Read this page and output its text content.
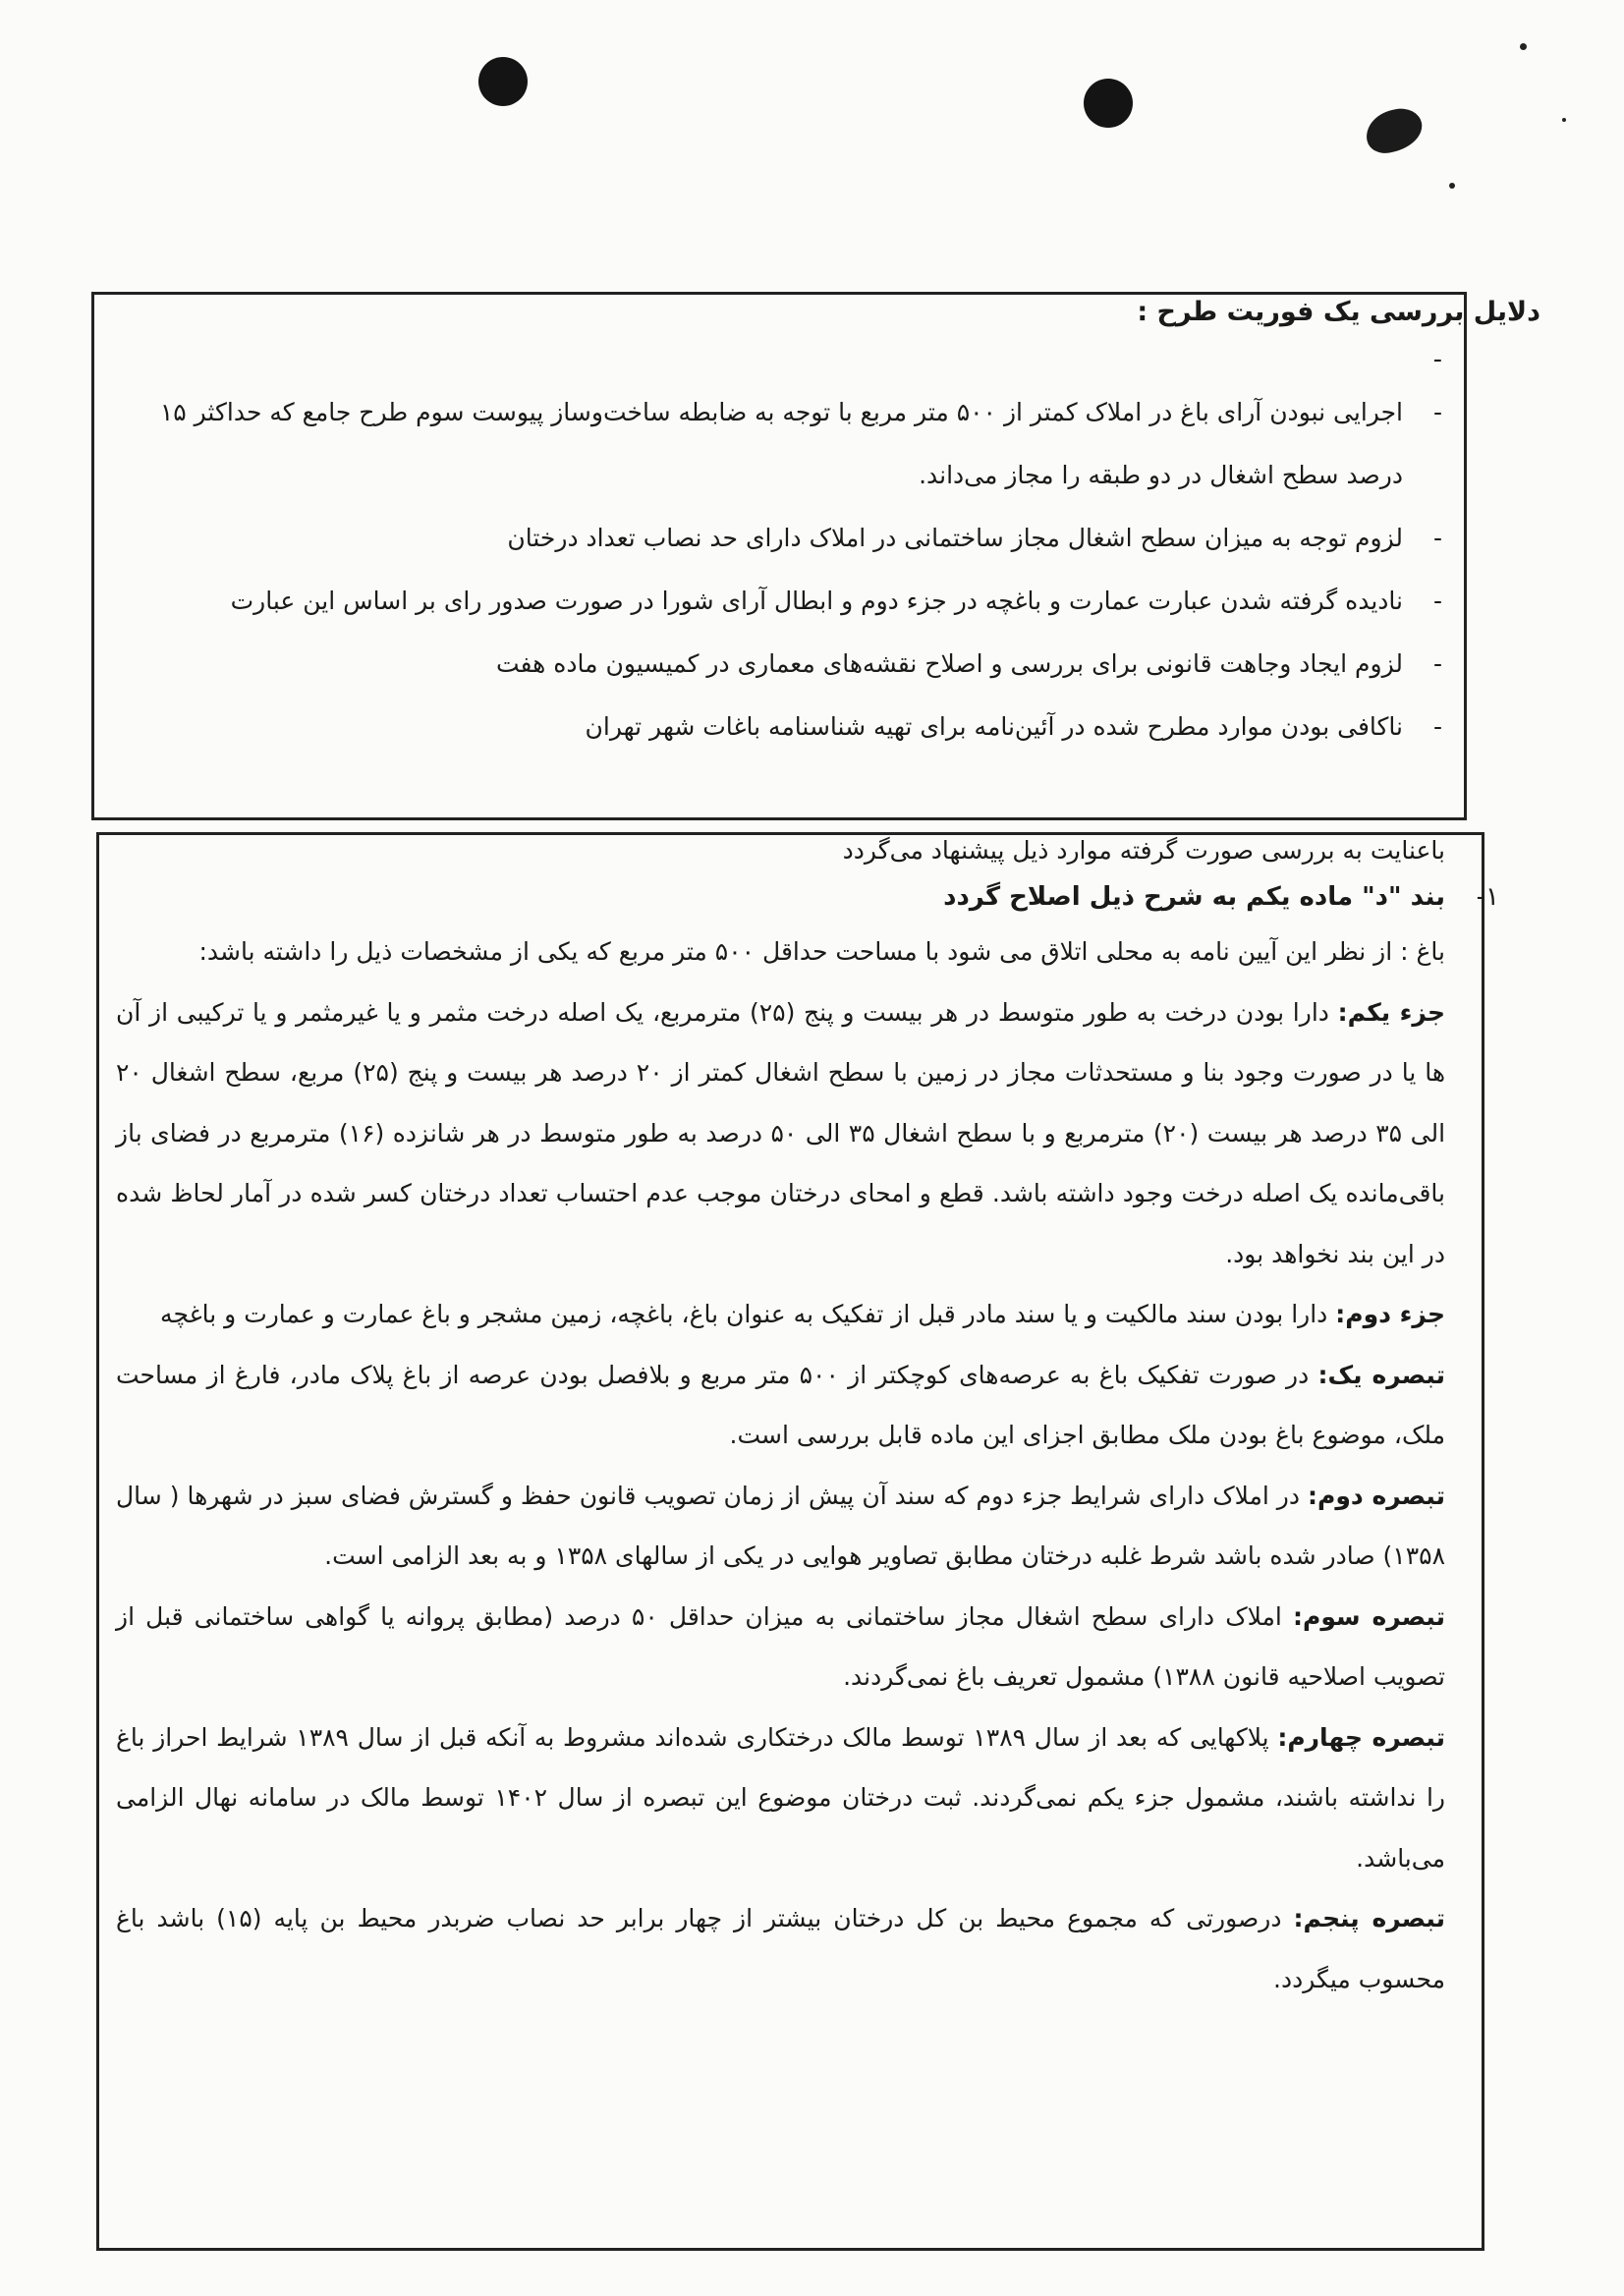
دلایل بررسی یک فوریت طرح :

-

-
اجرایی نبودن آرای باغ در املاک کمتر از ۵۰۰ متر مربع با توجه به ضابطه ساخت‌وساز پیوست سوم طرح جامع که حداکثر ۱۵ درصد سطح اشغال در دو طبقه را مجاز می‌داند.
-
لزوم توجه به میزان سطح اشغال مجاز ساختمانی در املاک دارای حد نصاب تعداد درختان
-
نادیده گرفته شدن عبارت عمارت و باغچه در جزء دوم و ابطال آرای شورا در صورت صدور رای بر اساس این عبارت
-
لزوم ایجاد وجاهت قانونی برای بررسی و اصلاح نقشه‌های معماری در کمیسیون ماده هفت
-
ناکافی بودن موارد مطرح شده در آئین‌نامه برای تهیه شناسنامه باغات شهر تهران

باعنایت به بررسی صورت گرفته موارد ذیل پیشنهاد می‌گردد

۱-
بند "د" ماده یکم به شرح ذیل اصلاح گردد

باغ : از نظر این آیین نامه به محلی اتلاق می شود با مساحت حداقل ۵۰۰ متر مربع که یکی از مشخصات ذیل را داشته باشد:

جزء یکم: دارا بودن درخت به طور متوسط در هر بیست و پنج (۲۵) مترمربع، یک اصله درخت مثمر و یا غیرمثمر و یا ترکیبی از آن ها یا در صورت وجود بنا و مستحدثات مجاز در زمین با سطح اشغال کمتر از ۲۰ درصد هر بیست و پنج (۲۵) مربع، سطح اشغال ۲۰ الی ۳۵ درصد هر بیست (۲۰) مترمربع و با سطح اشغال ۳۵ الی ۵۰ درصد به طور متوسط در هر شانزده (۱۶) مترمربع در فضای باز باقی‌مانده یک اصله درخت وجود داشته باشد. قطع و امحای درختان موجب عدم احتساب تعداد درختان کسر شده در آمار لحاظ شده در این بند نخواهد بود.

جزء دوم: دارا بودن سند مالکیت و یا سند مادر قبل از تفکیک به عنوان باغ، باغچه، زمین مشجر و باغ عمارت و عمارت و باغچه

تبصره یک: در صورت تفکیک باغ به عرصه‌های کوچکتر از ۵۰۰ متر مربع و بلافصل بودن عرصه از باغ پلاک مادر، فارغ از مساحت ملک، موضوع باغ بودن ملک مطابق اجزای این ماده قابل بررسی است.

تبصره دوم: در املاک دارای شرایط جزء دوم که سند آن پیش از زمان تصویب قانون حفظ و گسترش فضای سبز در شهرها ( سال ۱۳۵۸) صادر شده باشد شرط غلبه درختان مطابق تصاویر هوایی در یکی از سالهای ۱۳۵۸ و به بعد الزامی است.

تبصره سوم: املاک دارای سطح اشغال مجاز ساختمانی به میزان حداقل ۵۰ درصد (مطابق پروانه یا گواهی ساختمانی قبل از تصویب اصلاحیه قانون ۱۳۸۸) مشمول تعریف باغ نمی‌گردند.

تبصره چهارم: پلاکهایی که بعد از سال ۱۳۸۹ توسط مالک درختکاری شده‌اند مشروط به آنکه قبل از سال ۱۳۸۹ شرایط احراز باغ را نداشته باشند، مشمول جزء یکم نمی‌گردند. ثبت درختان موضوع این تبصره از سال ۱۴۰۲ توسط مالک در سامانه نهال الزامی می‌باشد.

تبصره پنجم: درصورتی که مجموع محیط بن کل درختان بیشتر از چهار برابر حد نصاب ضربدر محیط بن پایه (۱۵) باشد باغ محسوب میگردد.
